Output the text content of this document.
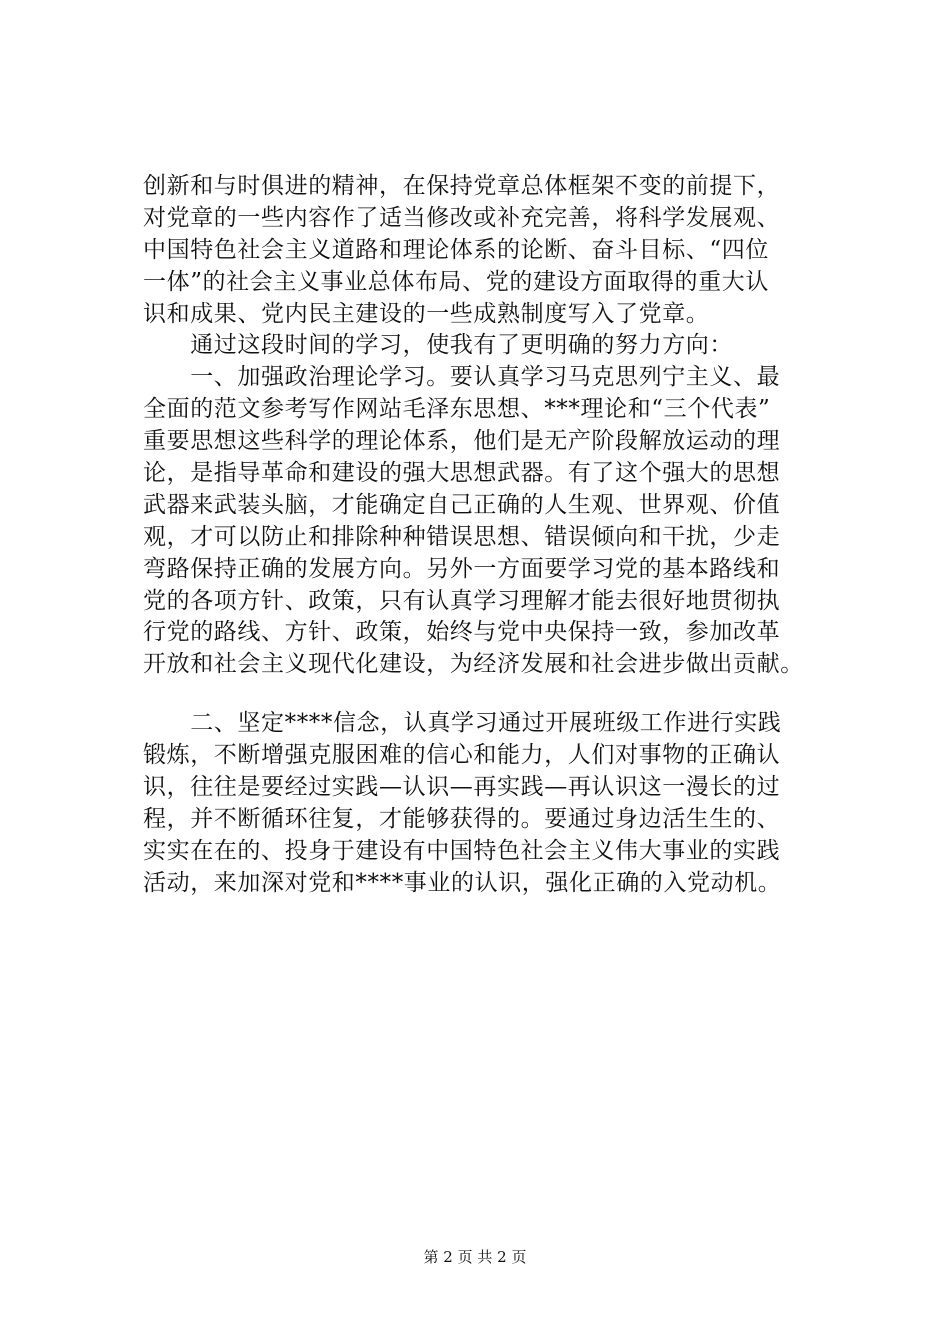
创新和与时俱进的精神，在保持党章总体框架不变的前提下，
对党章的一些内容作了适当修改或补充完善，将科学发展观、
中国特色社会主义道路和理论体系的论断、奋斗目标、“四位
一体”的社会主义事业总体布局、党的建设方面取得的重大认
识和成果、党内民主建设的一些成熟制度写入了党章。
　　通过这段时间的学习，使我有了更明确的努力方向：
　　一、加强政治理论学习。要认真学习马克思列宁主义、最
全面的范文参考写作网站毛泽东思想、***理论和“三个代表”
重要思想这些科学的理论体系，他们是无产阶段解放运动的理
论，是指导革命和建设的强大思想武器。有了这个强大的思想
武器来武装头脑，才能确定自己正确的人生观、世界观、价值
观，才可以防止和排除种种错误思想、错误倾向和干扰，少走
弯路保持正确的发展方向。另外一方面要学习党的基本路线和
党的各项方针、政策，只有认真学习理解才能去很好地贯彻执
行党的路线、方针、政策，始终与党中央保持一致，参加改革
开放和社会主义现代化建设，为经济发展和社会进步做出贡献。
　　二、坚定****信念，认真学习通过开展班级工作进行实践
锻炼，不断增强克服困难的信心和能力，人们对事物的正确认
识，往往是要经过实践—认识—再实践—再认识这一漫长的过
程，并不断循环往复，才能够获得的。要通过身边活生生的、
实实在在的、投身于建设有中国特色社会主义伟大事业的实践
活动，来加深对党和****事业的认识，强化正确的入党动机。
第 2 页 共 2 页
